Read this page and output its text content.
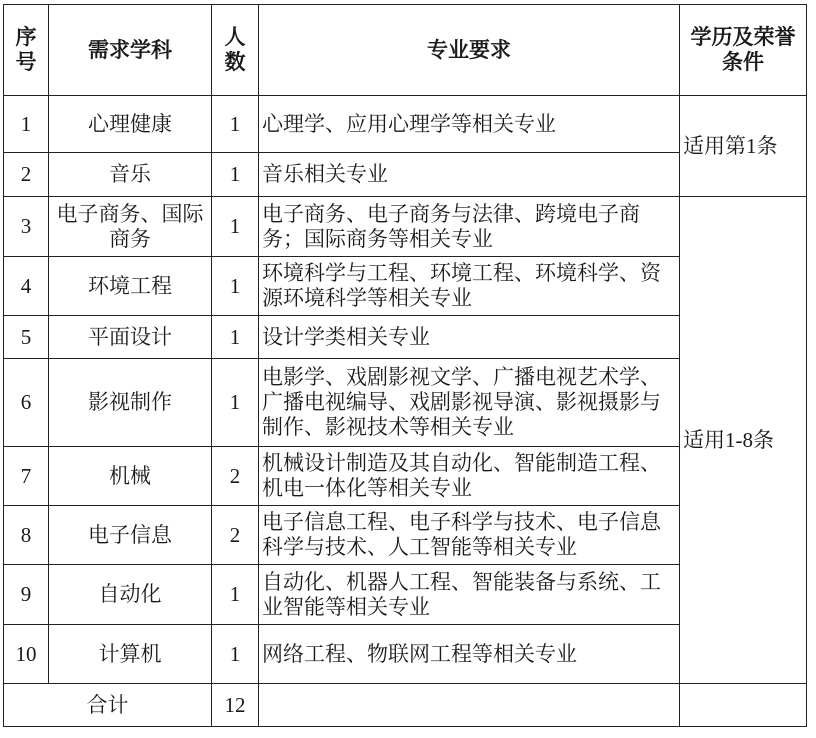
序号	需求学科	人数	专业要求	学历及荣誉条件
1	心理健康	1	心理学、应用心理学等相关专业	适用第1条
2	音乐	1	音乐相关专业	
3	电子商务、国际商务	1	电子商务、电子商务与法律、跨境电子商务；国际商务等相关专业	适用1-8条
4	环境工程	1	环境科学与工程、环境工程、环境科学、资源环境科学等相关专业	
5	平面设计	1	设计学类相关专业	
6	影视制作	1	电影学、戏剧影视文学、广播电视艺术学、广播电视编导、戏剧影视导演、影视摄影与制作、影视技术等相关专业	
7	机械	2	机械设计制造及其自动化、智能制造工程、机电一体化等相关专业	
8	电子信息	2	电子信息工程、电子科学与技术、电子信息科学与技术、人工智能等相关专业	
9	自动化	1	自动化、机器人工程、智能装备与系统、工业智能等相关专业	
10	计算机	1	网络工程、物联网工程等相关专业	
合计		12		
